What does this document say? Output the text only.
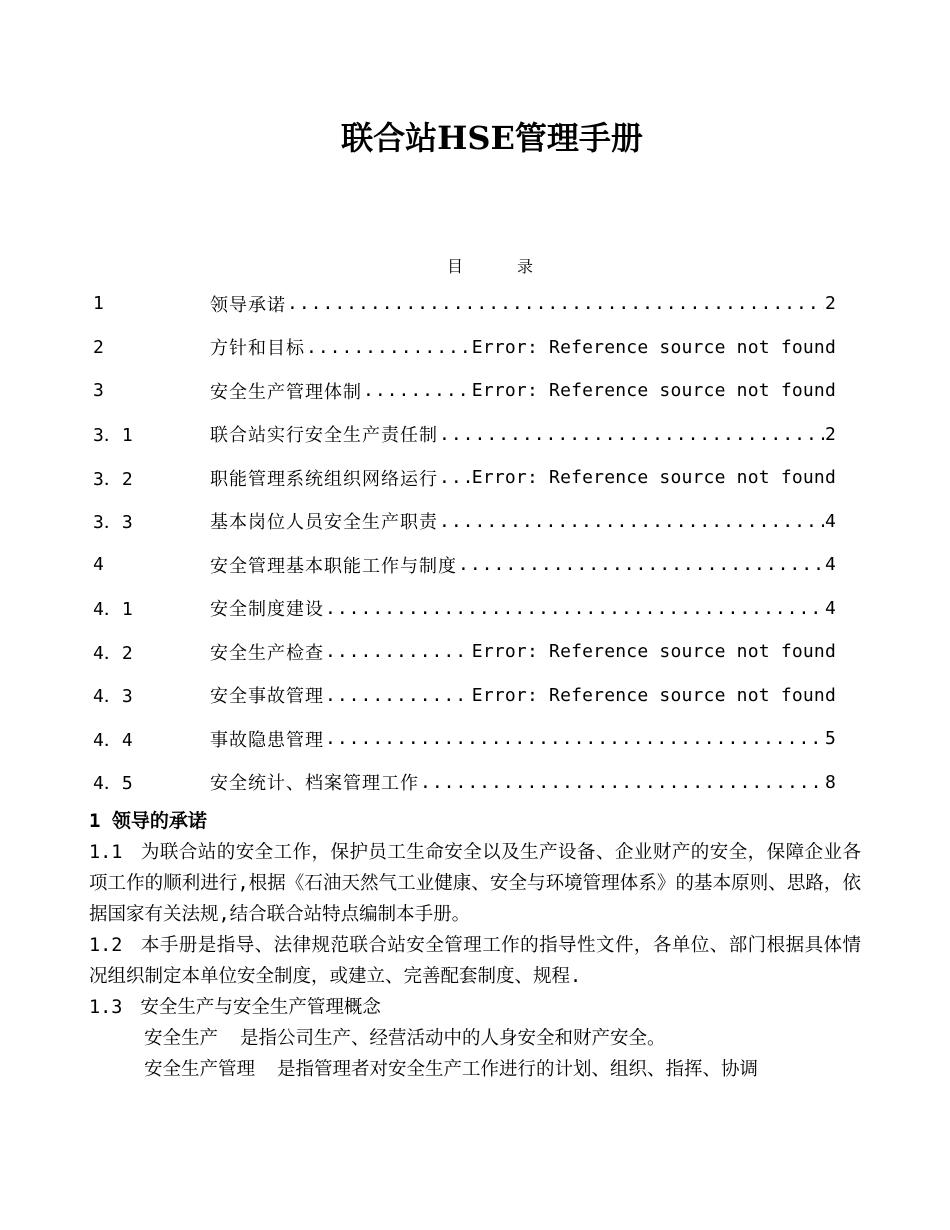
联合站HSE管理手册
目录
1	领导承诺 .....	2
2	方针和目标 .....	Error: Reference source not found
3	安全生产管理体制 .....	Error: Reference source not found
3．1	联合站实行安全生产责任制 .....	2
3．2	职能管理系统组织网络运行 ..... Error: Reference source not found
3．3	基本岗位人员安全生产职责 .....	4
4	安全管理基本职能工作与制度 .....	4
4．1	安全制度建设 .....	4
4．2	安全生产检查 .....	Error: Reference source not found
4．3	安全事故管理 .....	Error: Reference source not found
4．4	事故隐患管理 .....	5
4．5	安全统计、档案管理工作 .....	8

1 领导的承诺

1.1 为联合站的安全工作，保护员工生命安全以及生产设备、企业财产的安全，保障企业各项工作的顺利进行,根据《石油天然气工业健康、安全与环境管理体系》的基本原则、思路，依据国家有关法规,结合联合站特点编制本手册。

1.2 本手册是指导、法律规范联合站安全管理工作的指导性文件，各单位、部门根据具体情况组织制定本单位安全制度，或建立、完善配套制度、规程.

1.3 安全生产与安全生产管理概念

安全生产 是指公司生产、经营活动中的人身安全和财产安全。

安全生产管理 是指管理者对安全生产工作进行的计划、组织、指挥、协调
